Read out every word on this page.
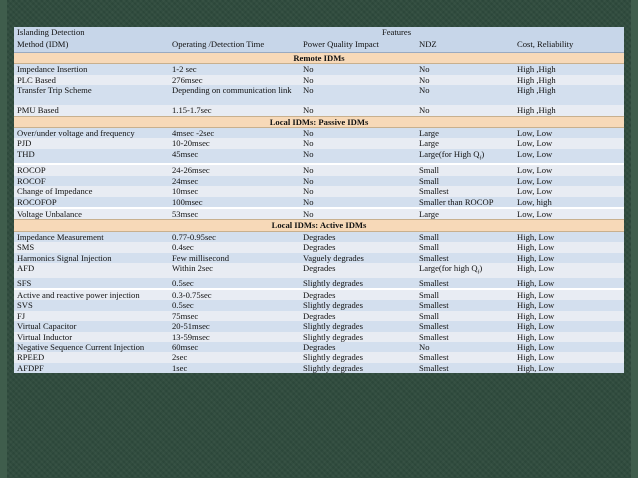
Islanding Detection	Features			
Method (IDM)	Operating /Detection Time	Power Quality Impact	NDZ	Cost, Reliability
Remote IDMs				
Impedance Insertion	1-2 sec	No	No	High ,High
PLC Based	276msec	No	No	High ,High
Transfer Trip Scheme	Depending on communication link	No	No	High ,High
PMU Based	1.15-1.7sec	No	No	High ,High
Local IDMs: Passive IDMs				
Over/under voltage and frequency	4msec -2sec	No	Large	Low, Low
PJD	10-20msec	No	Large	Low, Low
THD	45msec	No	Large(for High $Q_f$)	Low, Low

ROCOP	24-26msec	No	Small	Low, Low
ROCOF	24msec	No	Small	Low, Low
Change of Impedance	10msec	No	Smallest	Low, Low
ROCOFOP	100msec	No	Smaller than ROCOP	Low, high

Voltage Unbalance	53msec	No	Large	Low, Low
Local IDMs: Active IDMs				
Impedance Measurement	0.77-0.95sec	Degrades	Small	High, Low
SMS	0.4sec	Degrades	Small	High, Low
Harmonics Signal Injection	Few millisecond	Vaguely degrades	Smallest	High, Low
AFD	Within 2sec	Degrades	Large(for high $Q_f$)	High, Low
SFS	0.5sec	Slightly degrades	Smallest	High, Low

Active and reactive power injection	0.3-0.75sec	Degrades	Small	High, Low
SVS	0.5sec	Slightly degrades	Smallest	High, Low
FJ	75msec	Degrades	Small	High, Low
Virtual Capacitor	20-51msec	Slightly degrades	Smallest	High, Low
Virtual Inductor	13-59msec	Slightly degrades	Smallest	High, Low
Negative Sequence Current Injection	60msec	Degrades	No	High, Low
RPEED	2sec	Slightly degrades	Smallest	High, Low
AFDPF	1sec	Slightly degrades	Smallest	High, Low
